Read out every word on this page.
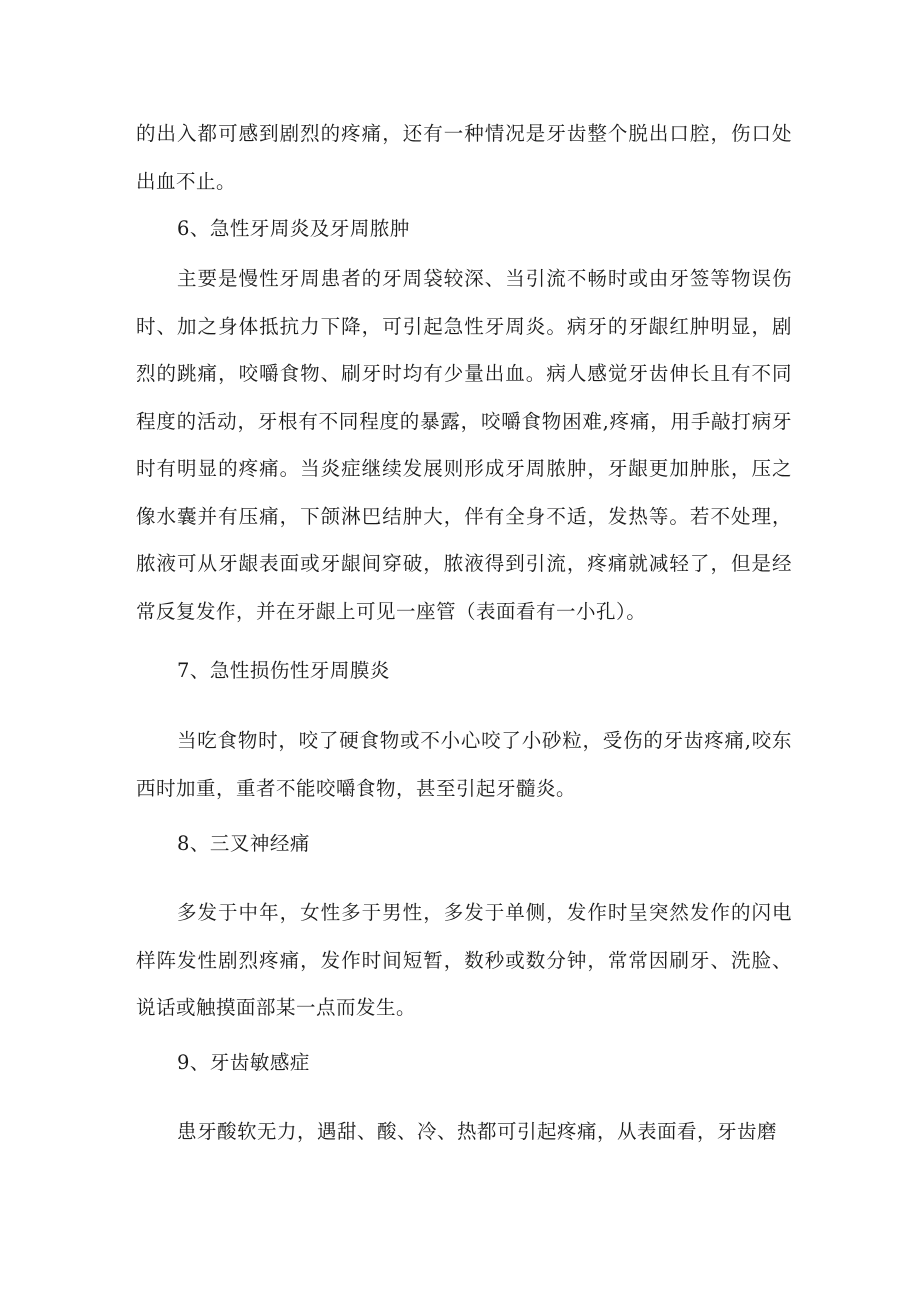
的出入都可感到剧烈的疼痛，还有一种情况是牙齿整个脱出口腔，伤口处出血不止。

6、急性牙周炎及牙周脓肿

主要是慢性牙周患者的牙周袋较深、当引流不畅时或由牙签等物误伤时、加之身体抵抗力下降，可引起急性牙周炎。病牙的牙龈红肿明显，剧烈的跳痛，咬嚼食物、刷牙时均有少量出血。病人感觉牙齿伸长且有不同程度的活动，牙根有不同程度的暴露，咬嚼食物困难,疼痛，用手敲打病牙时有明显的疼痛。当炎症继续发展则形成牙周脓肿，牙龈更加肿胀，压之像水囊并有压痛，下颌淋巴结肿大，伴有全身不适，发热等。若不处理，脓液可从牙龈表面或牙龈间穿破，脓液得到引流，疼痛就减轻了，但是经常反复发作，并在牙龈上可见一座管（表面看有一小孔）。

7、急性损伤性牙周膜炎

当吃食物时，咬了硬食物或不小心咬了小砂粒，受伤的牙齿疼痛,咬东西时加重，重者不能咬嚼食物，甚至引起牙髓炎。

8、三叉神经痛

多发于中年，女性多于男性，多发于单侧，发作时呈突然发作的闪电样阵发性剧烈疼痛，发作时间短暂，数秒或数分钟，常常因刷牙、洗脸、说话或触摸面部某一点而发生。

9、牙齿敏感症

患牙酸软无力，遇甜、酸、冷、热都可引起疼痛，从表面看，牙齿磨
